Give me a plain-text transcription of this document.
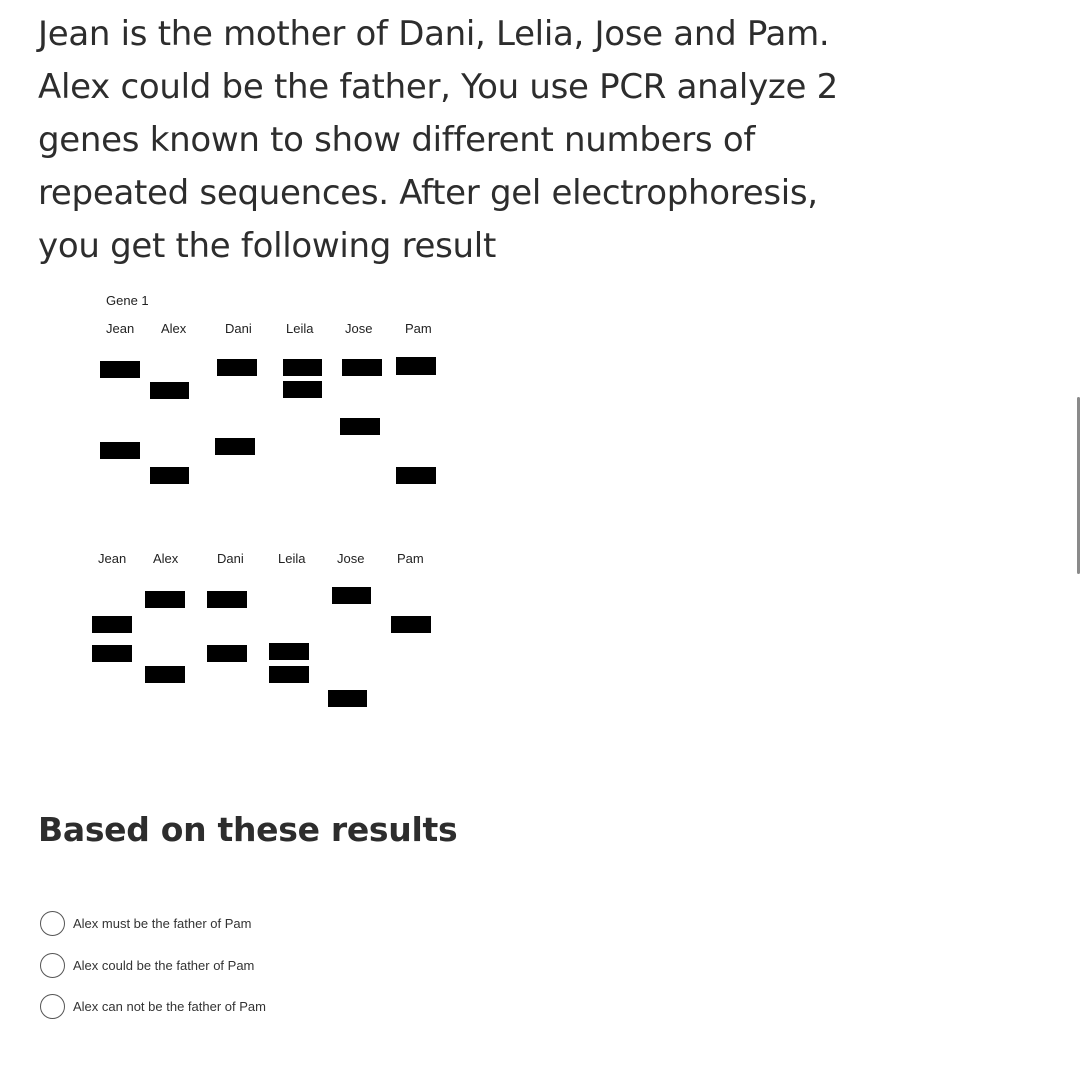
Jean is the mother of Dani, Lelia, Jose and Pam.
Alex could be the father, You use PCR analyze 2
genes known to show different numbers of
repeated sequences. After gel electrophoresis,
you get the following result
Gene 1
Jean Alex	Dani	Leila Jose	Pam
Jean Alex	Dani	Leila Jose	Pam
Based on these results
Alex must be the father of Pam
Alex could be the father of Pam
Alex can not be the father of Pam
